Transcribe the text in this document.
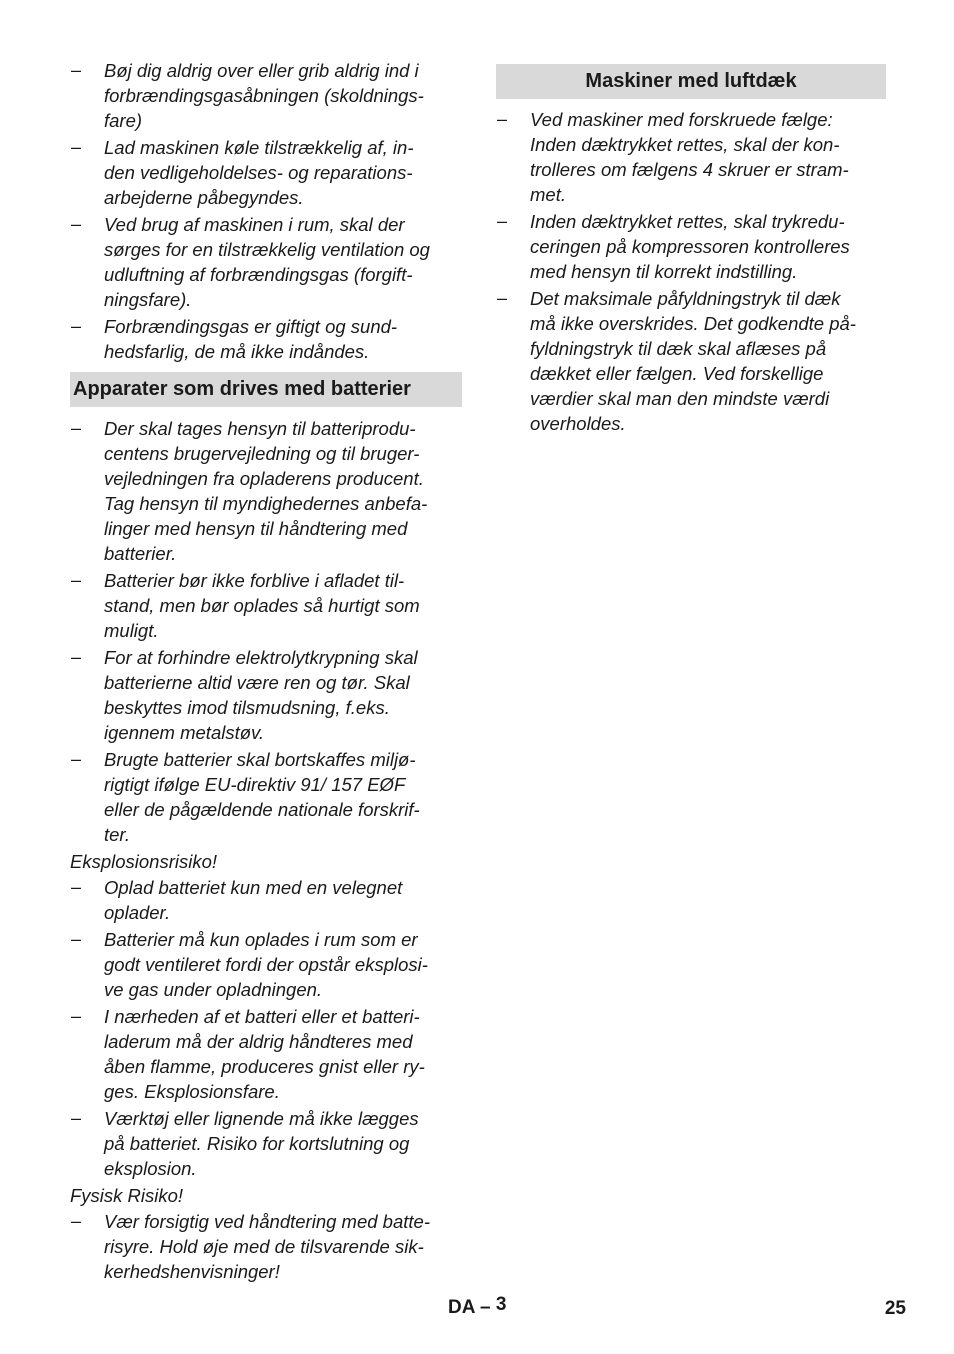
–	Bøj dig aldrig over eller grib aldrig ind i
forbrændingsgasåbningen (skoldnings-
fare)
–	Lad maskinen køle tilstrækkelig af, in-
den vedligeholdelses- og reparations-
arbejderne påbegyndes.
–	Ved brug af maskinen i rum, skal der
sørges for en tilstrækkelig ventilation og
udluftning af forbrændingsgas (forgift-
ningsfare).
–	Forbrændingsgas er giftigt og sund-
hedsfarlig, de må ikke indåndes.
Apparater som drives med batterier
–	Der skal tages hensyn til batteriprodu-
centens brugervejledning og til bruger-
vejledningen fra opladerens producent.
Tag hensyn til myndighedernes anbefa-
linger med hensyn til håndtering med
batterier.
–	Batterier bør ikke forblive i afladet til-
stand, men bør oplades så hurtigt som
muligt.
–	For at forhindre elektrolytkrypning skal
batterierne altid være ren og tør. Skal
beskyttes imod tilsmudsning, f.eks.
igennem metalstøv.
–	Brugte batterier skal bortskaffes miljø-
rigtigt ifølge EU-direktiv 91/ 157 EØF
eller de pågældende nationale forskrif-
ter.
Eksplosionsrisiko!
–	Oplad batteriet kun med en velegnet
oplader.
–	Batterier må kun oplades i rum som er
godt ventileret fordi der opstår eksplosi-
ve gas under opladningen.
–	I nærheden af et batteri eller et batteri-
laderum må der aldrig håndteres med
åben flamme, produceres gnist eller ry-
ges. Eksplosionsfare.
–	Værktøj eller lignende må ikke lægges
på batteriet. Risiko for kortslutning og
eksplosion.
Fysisk Risiko!
–	Vær forsigtig ved håndtering med batte-
risyre. Hold øje med de tilsvarende sik-
kerhedshenvisninger!
Maskiner med luftdæk
–	Ved maskiner med forskruede fælge:
Inden dæktrykket rettes, skal der kon-
trolleres om fælgens 4 skruer er stram-
met.
–	Inden dæktrykket rettes, skal trykredu-
ceringen på kompressoren kontrolleres
med hensyn til korrekt indstilling.
–	Det maksimale påfyldningstryk til dæk
må ikke overskrides. Det godkendte på-
fyldningstryk til dæk skal aflæses på
dækket eller fælgen. Ved forskellige
værdier skal man den mindste værdi
overholdes.
DA – 3	25
